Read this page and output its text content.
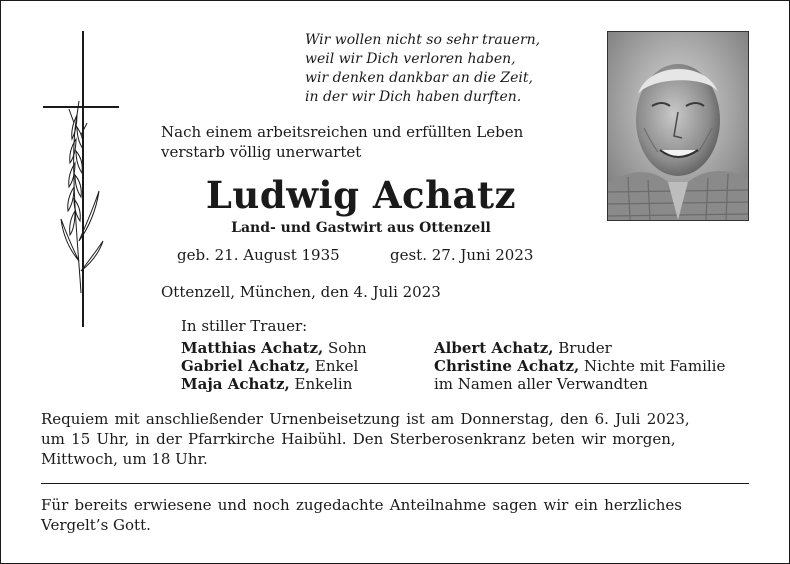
Wir wollen nicht so sehr trauern,
weil wir Dich verloren haben,
wir denken dankbar an die Zeit,
in der wir Dich haben durften.
Nach einem arbeitsreichen und erfüllten Leben
verstarb völlig unerwartet
Ludwig Achatz
Land- und Gastwirt aus Ottenzell
geb. 21. August 1935	gest. 27. Juni 2023
Ottenzell, München, den 4. Juli 2023
In stiller Trauer:
Matthias Achatz, Sohn
Gabriel Achatz, Enkel
Maja Achatz, Enkelin
Albert Achatz, Bruder
Christine Achatz, Nichte mit Familie
im Namen aller Verwandten
Requiem mit anschließender Urnenbeisetzung ist am Donnerstag, den 6. Juli 2023,
um 15 Uhr, in der Pfarrkirche Haibühl. Den Sterberosenkranz beten wir morgen,
Mittwoch, um 18 Uhr.
Für bereits erwiesene und noch zugedachte Anteilnahme sagen wir ein herzliches
Vergelt’s Gott.
